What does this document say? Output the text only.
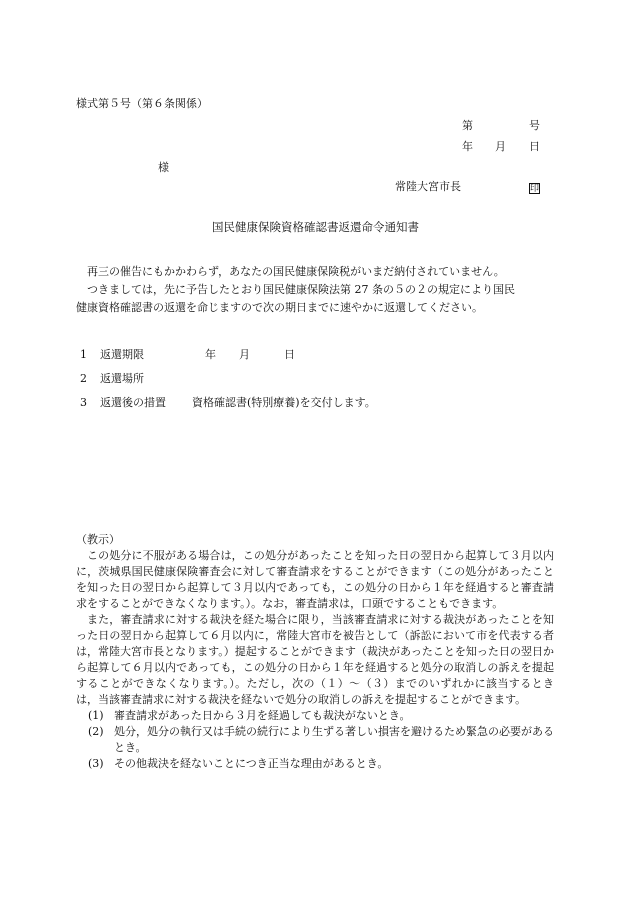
様式第５号（第６条関係）
第	号
年 月 日
様
常陸大宮市長	印
国民健康保険資格確認書返還命令通知書

再三の催告にもかかわらず，あなたの国民健康保険税がいまだ納付されていません。

つきましては，先に予告したとおり国民健康保険法第 27 条の５の２の規定により国民

健康資格確認書の返還を命じますので次の期日までに速やかに返還してください。

1 返還期限	年 月	日
2 返還場所
3 返還後の措置 資格確認書(特別療養)を交付します。

（教示）

この処分に不服がある場合は，この処分があったことを知った日の翌日から起算して３月以内に，茨城県国民健康保険審査会に対して審査請求をすることができます（この処分があったことを知った日の翌日から起算して３月以内であっても，この処分の日から１年を経過すると審査請求をすることができなくなります。）。なお，審査請求は，口頭ですることもできます。

また，審査請求に対する裁決を経た場合に限り，当該審査請求に対する裁決があったことを知った日の翌日から起算して６月以内に，常陸大宮市を被告として（訴訟において市を代表する者は，常陸大宮市長となります。）提起することができます（裁決があったことを知った日の翌日から起算して６月以内であっても，この処分の日から１年を経過すると処分の取消しの訴えを提起することができなくなります。）。ただし，次の（１）～（３）までのいずれかに該当するときは，当該審査請求に対する裁決を経ないで処分の取消しの訴えを提起することができます。

(1) 審査請求があった日から３月を経過しても裁決がないとき。

(2) 処分，処分の執行又は手続の続行により生ずる著しい損害を避けるため緊急の必要があるとき。

(3) その他裁決を経ないことにつき正当な理由があるとき。
